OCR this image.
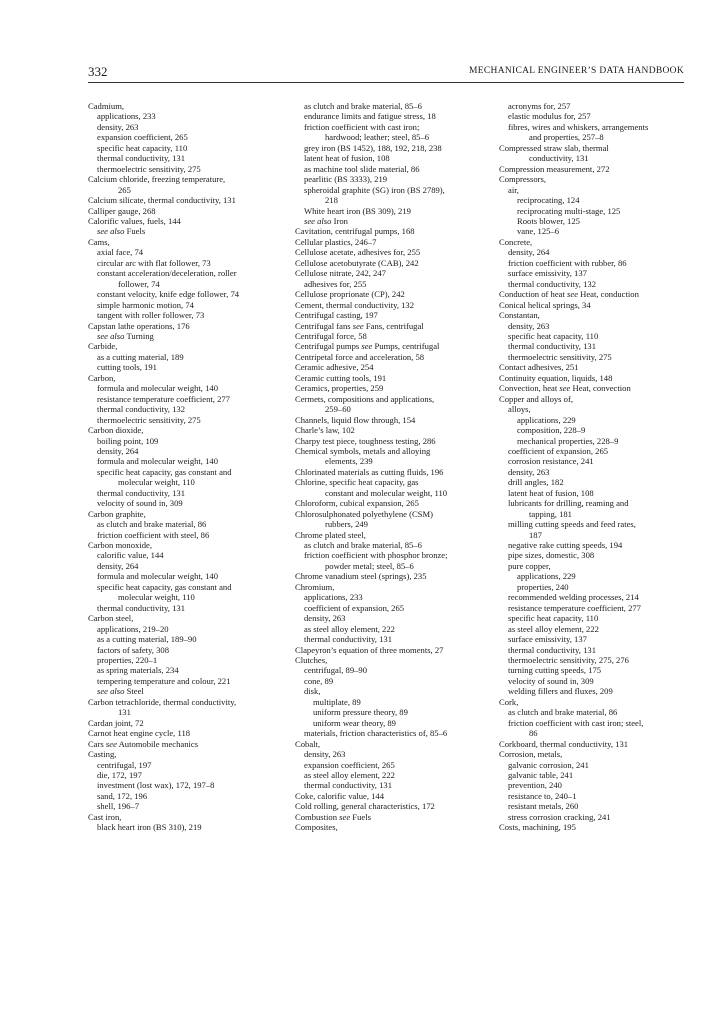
332	MECHANICAL ENGINEER’S DATA HANDBOOK
Cadmium,
applications, 233
density, 263
expansion coefficient, 265
specific heat capacity, 110
thermal conductivity, 131
thermoelectric sensitivity, 275
Calcium chloride, freezing temperature,
265
Calcium silicate, thermal conductivity, 131
Calliper gauge, 268
Calorific values, fuels, 144
see also Fuels
Cams,
axial face, 74
circular arc with flat follower, 73
constant acceleration/deceleration, roller
follower, 74
constant velocity, knife edge follower, 74
simple harmonic motion, 74
tangent with roller follower, 73
Capstan lathe operations, 176
see also Turning
Carbide,
as a cutting material, 189
cutting tools, 191
Carbon,
formula and molecular weight, 140
resistance temperature coefficient, 277
thermal conductivity, 132
thermoelectric sensitivity, 275
Carbon dioxide,
boiling point, 109
density, 264
formula and molecular weight, 140
specific heat capacity, gas constant and
molecular weight, 110
thermal conductivity, 131
velocity of sound in, 309
Carbon graphite,
as clutch and brake material, 86
friction coefficient with steel, 86
Carbon monoxide,
calorific value, 144
density, 264
formula and molecular weight, 140
specific heat capacity, gas constant and
molecular weight, 110
thermal conductivity, 131
Carbon steel,
applications, 219–20
as a cutting material, 189–90
factors of safety, 308
properties, 220–1
as spring materials, 234
tempering temperature and colour, 221
see also Steel
Carbon tetrachloride, thermal conductivity,
131
Cardan joint, 72
Carnot heat engine cycle, 118
Cars see Automobile mechanics
Casting,
centrifugal, 197
die, 172, 197
investment (lost wax), 172, 197–8
sand, 172, 196
shell, 196–7
Cast iron,
black heart iron (BS 310), 219
as clutch and brake material, 85–6
endurance limits and fatigue stress, 18
friction coefficient with cast iron;
hardwood; leather; steel, 85–6
grey iron (BS 1452), 188, 192, 218, 238
latent heat of fusion, 108
as machine tool slide material, 86
pearlitic (BS 3333), 219
spheroidal graphite (SG) iron (BS 2789),
218
White heart iron (BS 309), 219
see also Iron
Cavitation, centrifugal pumps, 168
Cellular plastics, 246–7
Cellulose acetate, adhesives for, 255
Cellulose acetobutyrate (CAB), 242
Cellulose nitrate, 242, 247
adhesives for, 255
Cellulose proprionate (CP), 242
Cement, thermal conductivity, 132
Centrifugal casting, 197
Centrifugal fans see Fans, centrifugal
Centrifugal force, 58
Centrifugal pumps see Pumps, centrifugal
Centripetal force and acceleration, 58
Ceramic adhesive, 254
Ceramic cutting tools, 191
Ceramics, properties, 259
Cermets, compositions and applications,
259–60
Channels, liquid flow through, 154
Charle’s law, 102
Charpy test piece, toughness testing, 286
Chemical symbols, metals and alloying
elements, 239
Chlorinated materials as cutting fluids, 196
Chlorine, specific heat capacity, gas
constant and molecular weight, 110
Chloroform, cubical expansion, 265
Chlorosulphonated polyethylene (CSM)
rubbers, 249
Chrome plated steel,
as clutch and brake material, 85–6
friction coefficient with phosphor bronze;
powder metal; steel, 85–6
Chrome vanadium steel (springs), 235
Chromium,
applications, 233
coefficient of expansion, 265
density, 263
as steel alloy element, 222
thermal conductivity, 131
Clapeyron’s equation of three moments, 27
Clutches,
centrifugal, 89–90
cone, 89
disk,
multiplate, 89
uniform pressure theory, 89
uniform wear theory, 89
materials, friction characteristics of, 85–6
Cobalt,
density, 263
expansion coefficient, 265
as steel alloy element, 222
thermal conductivity, 131
Coke, calorific value, 144
Cold rolling, general characteristics, 172
Combustion see Fuels
Composites,
acronyms for, 257
elastic modulus for, 257
fibres, wires and whiskers, arrangements
and properties, 257–8
Compressed straw slab, thermal
conductivity, 131
Compression measurement, 272
Compressors,
air,
reciprocating, 124
reciprocating multi-stage, 125
Roots blower, 125
vane, 125–6
Concrete,
density, 264
friction coefficient with rubber, 86
surface emissivity, 137
thermal conductivity, 132
Conduction of heat see Heat, conduction
Conical helical springs, 34
Constantan,
density, 263
specific heat capacity, 110
thermal conductivity, 131
thermoelectric sensitivity, 275
Contact adhesives, 251
Continuity equation, liquids, 148
Convection, heat see Heat, convection
Copper and alloys of,
alloys,
applications, 229
composition, 228–9
mechanical properties, 228–9
coefficient of expansion, 265
corrosion resistance, 241
density, 263
drill angles, 182
latent heat of fusion, 108
lubricants for drilling, reaming and
tapping, 181
milling cutting speeds and feed rates,
187
negative rake cutting speeds, 194
pipe sizes, domestic, 308
pure copper,
applications, 229
properties, 240
recommended welding processes, 214
resistance temperature coefficient, 277
specific heat capacity, 110
as steel alloy element, 222
surface emissivity, 137
thermal conductivity, 131
thermoelectric sensitivity, 275, 276
turning cutting speeds, 175
velocity of sound in, 309
welding fillers and fluxes, 209
Cork,
as clutch and brake material, 86
friction coefficient with cast iron; steel,
86
Corkboard, thermal conductivity, 131
Corrosion, metals,
galvanic corrosion, 241
galvanic table, 241
prevention, 240
resistance to, 240–1
resistant metals, 260
stress corrosion cracking, 241
Costs, machining, 195
